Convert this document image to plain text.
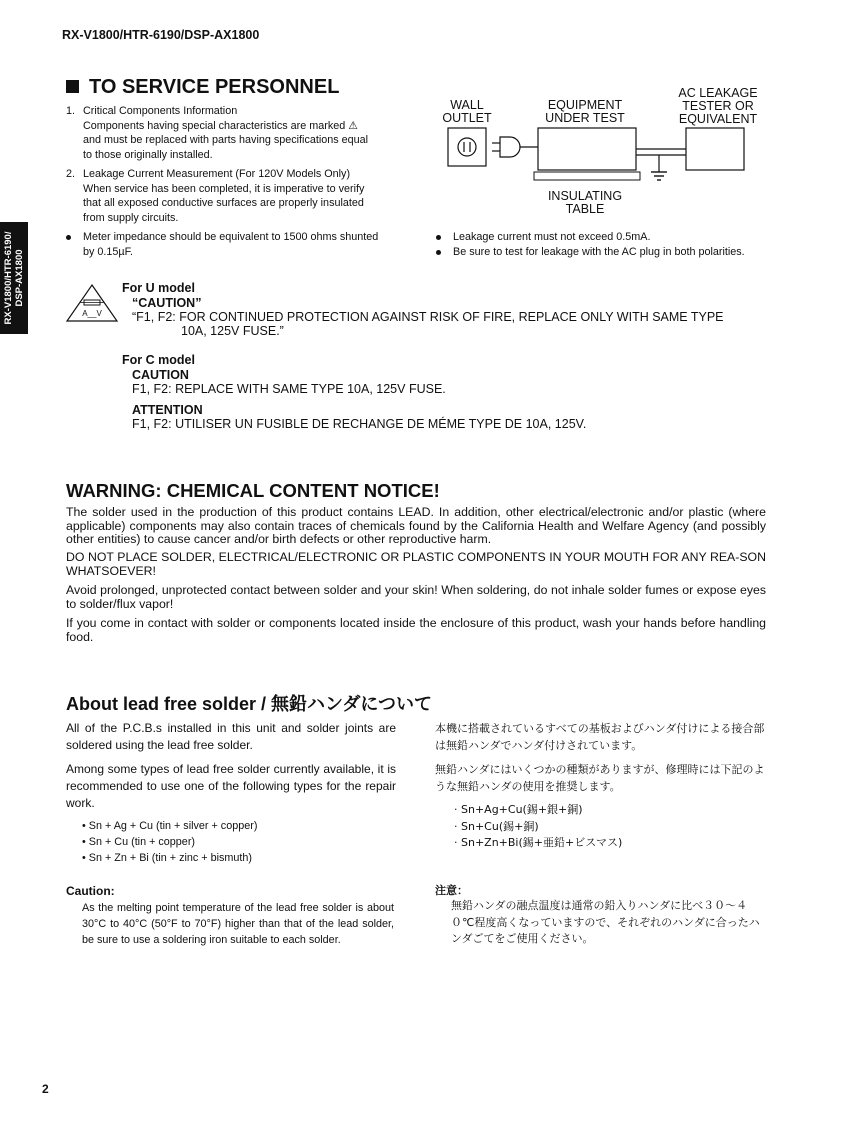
RX-V1800/HTR-6190/DSP-AX1800
RX-V1800/HTR-6190/ DSP-AX1800
TO SERVICE PERSONNEL
1. Critical Components Information
Components having special characteristics are marked ⚠
and must be replaced with parts having specifications equal
to those originally installed.
2. Leakage Current Measurement (For 120V Models Only)
When service has been completed, it is imperative to verify
that all exposed conductive surfaces are properly insulated
from supply circuits.
Meter impedance should be equivalent to 1500 ohms shunted
by 0.15µF.
WALL
OUTLET
EQUIPMENT
UNDER TEST
AC LEAKAGE
TESTER OR
EQUIVALENT
INSULATING
TABLE
Leakage current must not exceed 0.5mA.
Be sure to test for leakage with the AC plug in both polarities.
A__V
For U model
“CAUTION”
“F1, F2: FOR CONTINUED PROTECTION AGAINST RISK OF FIRE, REPLACE ONLY WITH SAME TYPE
10A, 125V FUSE.”
For C model
CAUTION
F1, F2: REPLACE WITH SAME TYPE 10A, 125V FUSE.
ATTENTION
F1, F2: UTILISER UN FUSIBLE DE RECHANGE DE MÉME TYPE DE 10A, 125V.
WARNING: CHEMICAL CONTENT NOTICE!
The solder used in the production of this product contains LEAD. In addition, other electrical/electronic and/or plastic (where applicable) components may also contain traces of chemicals found by the California Health and Welfare Agency (and possibly other entities) to cause cancer and/or birth defects or other reproductive harm.
DO NOT PLACE SOLDER, ELECTRICAL/ELECTRONIC OR PLASTIC COMPONENTS IN YOUR MOUTH FOR ANY REA-SON WHATSOEVER!
Avoid prolonged, unprotected contact between solder and your skin! When soldering, do not inhale solder fumes or expose eyes to solder/flux vapor!
If you come in contact with solder or components located inside the enclosure of this product, wash your hands before handling food.
About lead free solder / 無鉛ハンダについて
All of the P.C.B.s installed in this unit and solder joints are soldered using the lead free solder.
Among some types of lead free solder currently available, it is recommended to use one of the following types for the repair work.
• Sn + Ag + Cu (tin + silver + copper)
• Sn + Cu (tin + copper)
• Sn + Zn + Bi (tin + zinc + bismuth)
Caution:
As the melting point temperature of the lead free solder is about 30°C to 40°C (50°F to 70°F) higher than that of the lead solder, be sure to use a soldering iron suitable to each solder.
本機に搭載されているすべての基板およびハンダ付けによる接合部は無鉛ハンダでハンダ付けされています。
無鉛ハンダにはいくつかの種類がありますが、修理時には下記のような無鉛ハンダの使用を推奨します。
· Sn+Ag+Cu(錫+銀+銅)
· Sn+Cu(錫+銅)
· Sn+Zn+Bi(錫+亜鉛+ビスマス)
注意：
無鉛ハンダの融点温度は通常の鉛入りハンダに比べ３０〜４０℃程度高くなっていますので、それぞれのハンダに合ったハンダごてをご使用ください。
2
